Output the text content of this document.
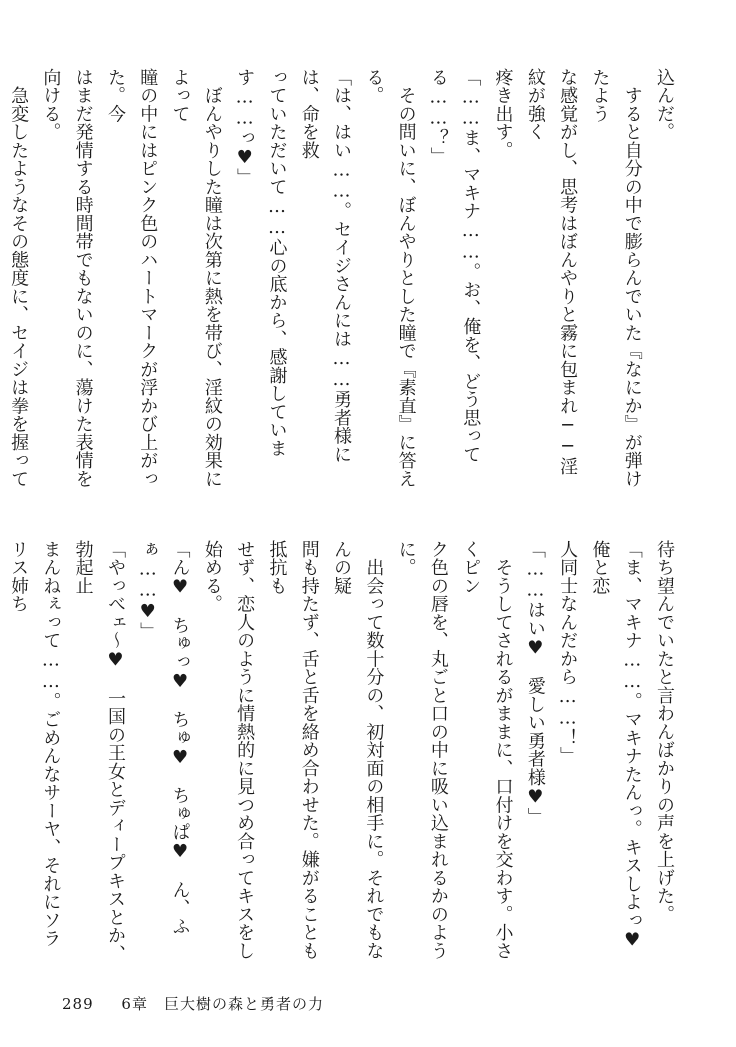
込んだ。

　すると自分の中で膨らんでいた『なにか』が弾けたよう

な感覚がし、思考はぼんやりと霧に包まれ──淫紋が強く

疼き出す。

「……ま、マキナ……。お、俺を、どう思ってる……？」

　その問いに、ぼんやりとした瞳で『素直』に答える。

「は、はい……。セイジさんには……勇者様には、命を救

っていただいて……心の底から、感謝しています……っ♥」

　ぼんやりした瞳は次第に熱を帯び、淫紋の効果によって

瞳の中にはピンク色のハートマークが浮かび上がった。今

はまだ発情する時間帯でもないのに、蕩けた表情を向ける。

　急変したようなその態度に、セイジは拳を握って

待ち望んでいたと言わんばかりの声を上げた。

「ま、マキナ……。マキナたんっ。キスしよっ♥　俺と恋

人同士なんだから……！」

「……はい♥　愛しい勇者様♥」

　そうしてされるがままに、口付けを交わす。小さくピン

ク色の唇を、丸ごと口の中に吸い込まれるかのように。

　出会って数十分の、初対面の相手に。それでもなんの疑

問も持たず、舌と舌を絡め合わせた。嫌がることも抵抗も

せず、恋人のように情熱的に見つめ合ってキスをし始める。

「ん♥　ちゅっ♥　ちゅ♥　ちゅぱ♥　ん、ふぁ……♥」

「やっべェ～♥　一国の王女とディープキスとか、勃起止

まんねぇって……。ごめんなサーヤ、それにソラリス姉ち

289 6章　巨大樹の森と勇者の力
